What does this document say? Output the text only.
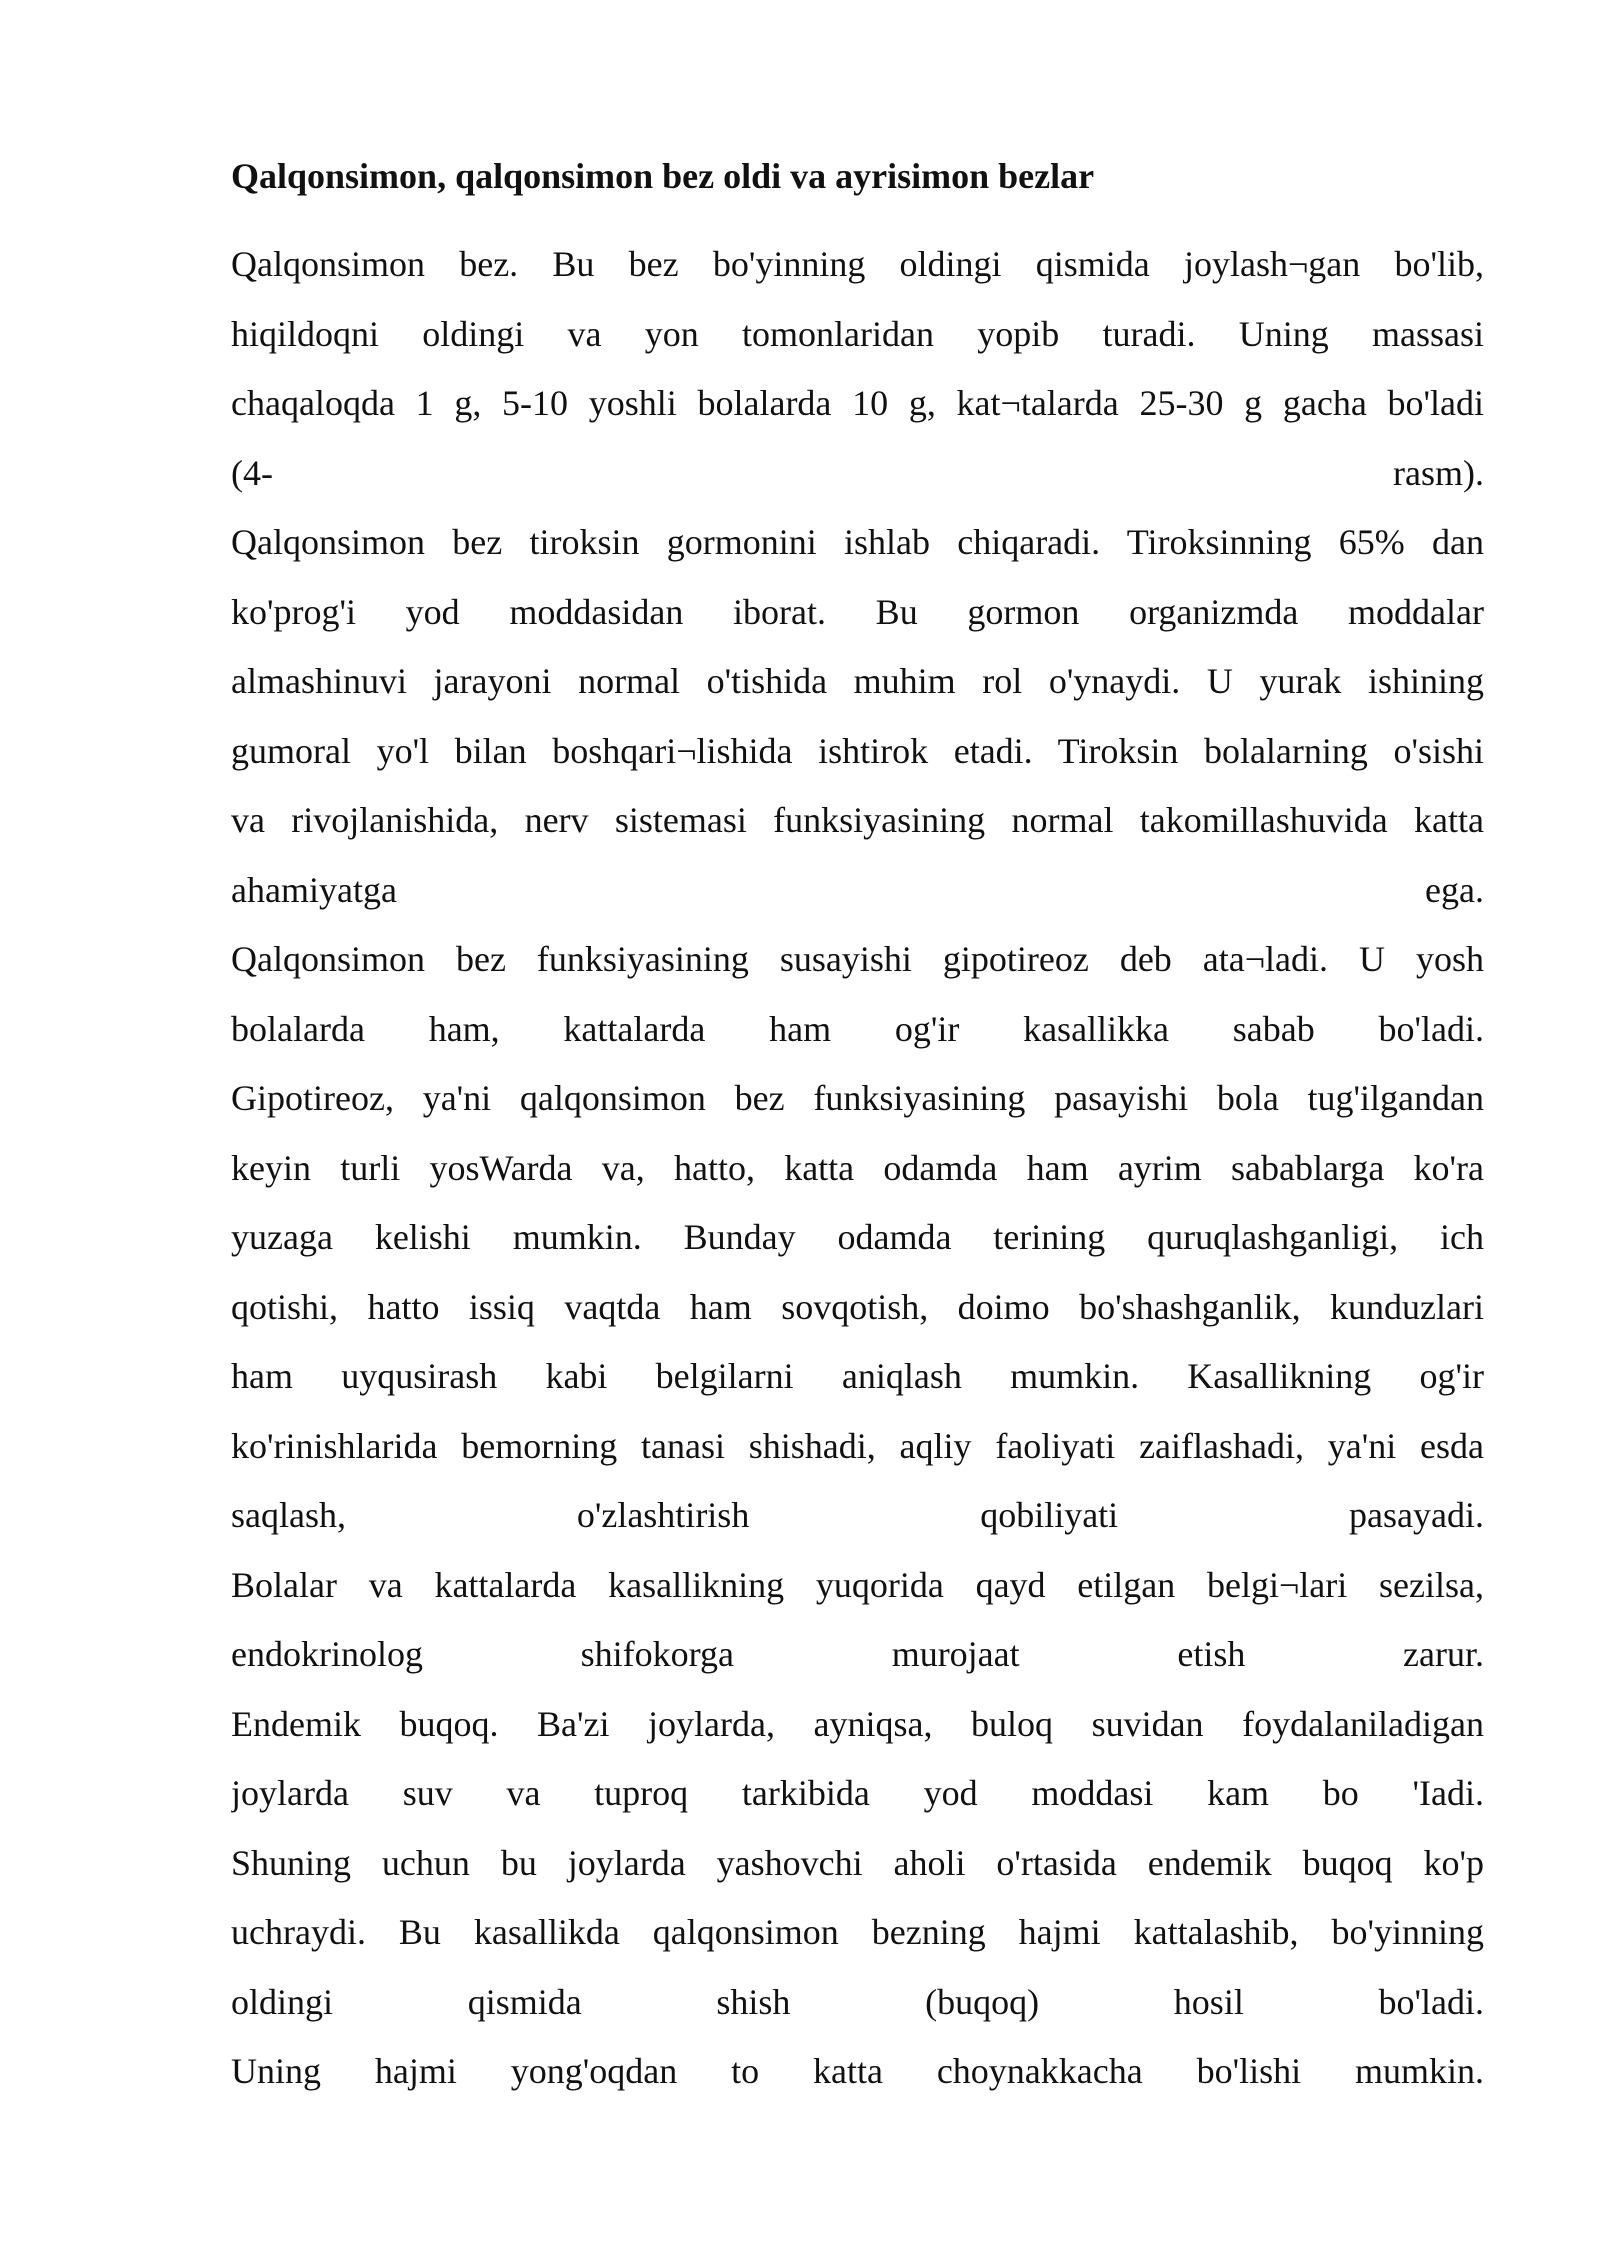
Qalqonsimon, qalqonsimon bez oldi va ayrisimon bezlar
Qalqonsimon bez. Bu bez bo'yinning oldingi qismida joylash¬gan bo'lib,
hiqildoqni oldingi va yon tomonlaridan yopib turadi. Uning massasi
chaqaloqda 1 g, 5-10 yoshli bolalarda 10 g, kat¬talarda 25-30 g gacha bo'ladi
(4- rasm).
Qalqonsimon bez tiroksin gormonini ishlab chiqaradi. Tiroksinning 65% dan
ko'prog'i yod moddasidan iborat. Bu gormon organizmda moddalar
almashinuvi jarayoni normal o'tishida muhim rol o'ynaydi. U yurak ishining
gumoral yo'l bilan boshqari¬lishida ishtirok etadi. Tiroksin bolalarning o'sishi
va rivojlanishida, nerv sistemasi funksiyasining normal takomillashuvida katta
ahamiyatga ega.
Qalqonsimon bez funksiyasining susayishi gipotireoz deb ata¬ladi. U yosh
bolalarda ham, kattalarda ham og'ir kasallikka sabab bo'ladi.
Gipotireoz, ya'ni qalqonsimon bez funksiyasining pasayishi bola tug'ilgandan
keyin turli yosWarda va, hatto, katta odamda ham ayrim sabablarga ko'ra
yuzaga kelishi mumkin. Bunday odamda terining quruqlashganligi, ich
qotishi, hatto issiq vaqtda ham sovqotish, doimo bo'shashganlik, kunduzlari
ham uyqusirash kabi belgilarni aniqlash mumkin. Kasallikning og'ir
ko'rinishlarida bemorning tanasi shishadi, aqliy faoliyati zaiflashadi, ya'ni esda
saqlash, o'zlashtirish qobiliyati pasayadi.
Bolalar va kattalarda kasallikning yuqorida qayd etilgan belgi¬lari sezilsa,
endokrinolog shifokorga murojaat etish zarur.
Endemik buqoq. Ba'zi joylarda, ayniqsa, buloq suvidan foydalaniladigan
joylarda suv va tuproq tarkibida yod moddasi kam bo 'Iadi.
Shuning uchun bu joylarda yashovchi aholi o'rtasida endemik buqoq ko'p
uchraydi. Bu kasallikda qalqonsimon bezning hajmi kattalashib, bo'yinning
oldingi qismida shish (buqoq) hosil bo'ladi.
Uning hajmi yong'oqdan to katta choynakkacha bo'lishi mumkin.
